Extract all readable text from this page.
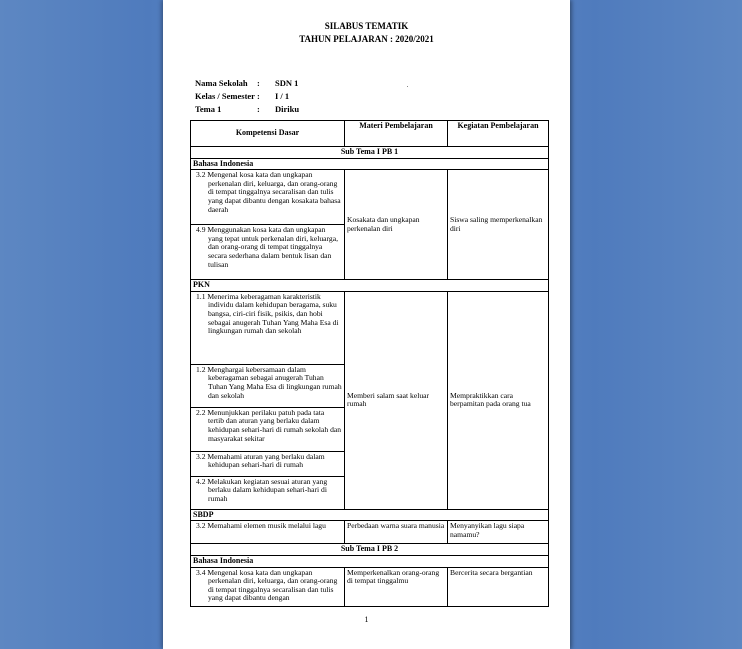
SILABUS TEMATIK
TAHUN PELAJARAN : 2020/2021
Nama Sekolah	:	SDN 1
Kelas / Semester :	I / 1
Tema 1	:	Diriku
Kompetensi Dasar	Materi Pembelajaran	Kegiatan Pembelajaran
Sub Tema I PB 1		
Bahasa Indonesia		

3.2 Mengenal kosa kata dan ungkapan perkenalan diri, keluarga, dan orang-orang di tempat tinggalnya secaralisan dan tulis yang dapat dibantu dengan kosakata bahasa daerah	Kosakata dan ungkapan perkenalan diri	Siswa saling memperkenalkan diri

4.9 Menggunakan kosa kata dan ungkapan yang tepat untuk perkenalan diri, keluarga, dan orang-orang di tempat tinggalnya secara sederhana dalam bentuk lisan dan tulisan		

PKN		

1.1 Menerima keberagaman karakteristik individu dalam kehidupan beragama, suku bangsa, ciri-ciri fisik, psikis, dan hobi sebagai anugerah Tuhan Yang Maha Esa di lingkungan rumah dan sekolah	Memberi salam saat keluar rumah	Mempraktikkan cara berpamitan pada orang tua

1.2 Menghargai kebersamaan dalam keberagaman sebagai anugerah Tuhan Tuhan Yang Maha Esa di lingkungan rumah dan sekolah		

2.2 Menunjukkan perilaku patuh pada tata tertib dan aturan yang berlaku dalam kehidupan sehari-hari di rumah sekolah dan masyarakat sekitar		

3.2 Memahami aturan yang berlaku dalam kehidupan sehari-hari di rumah		

4.2 Melakukan kegiatan sesuai aturan yang berlaku dalam kehidupan sehari-hari di rumah		

SBDP		

3.2 Memahami elemen musik melalui lagu	Perbedaan warna suara manusia	Menyanyikan lagu siapa namamu?
Sub Tema I PB 2		
Bahasa Indonesia		

3.4 Mengenal kosa kata dan ungkapan perkenalan diri, keluarga, dan orang-orang di tempat tinggalnya secaralisan dan tulis yang dapat dibantu dengan	Memperkenalkan orang-orang di tempat tinggalmu	Bercerita secara bergantian
1
